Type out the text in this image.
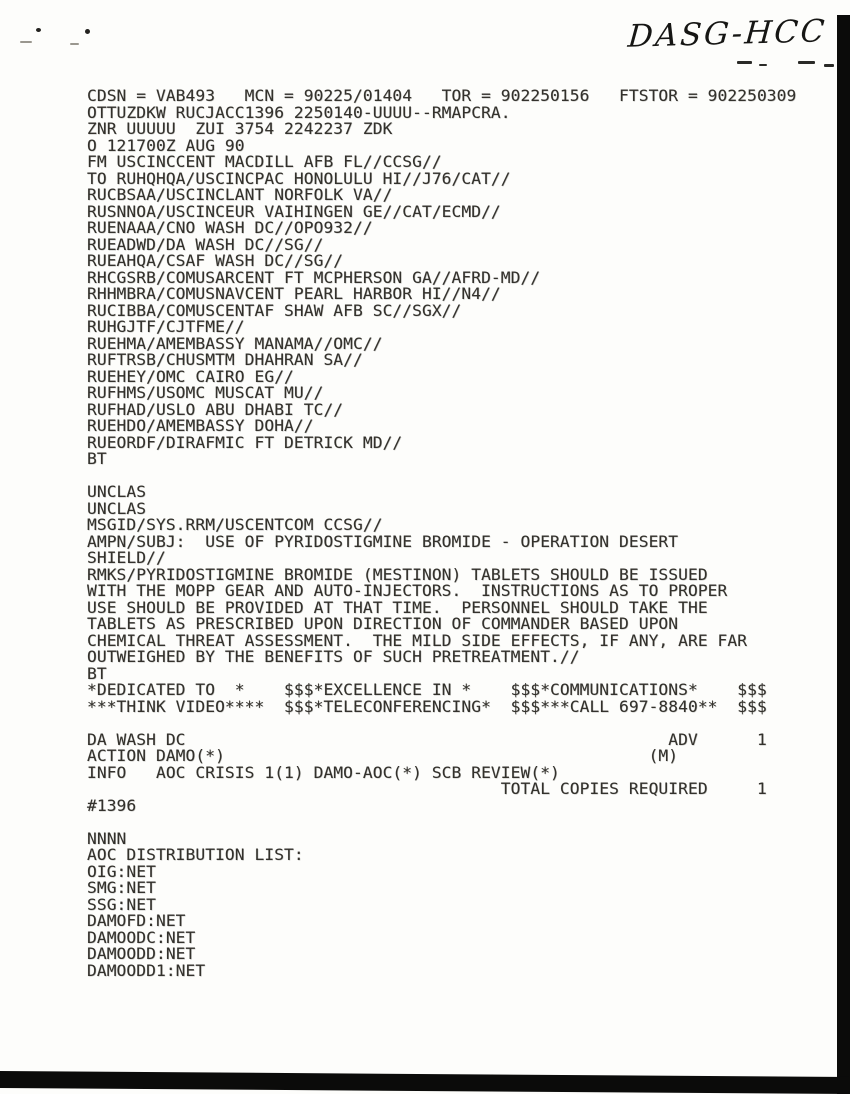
DASG-HCC
CDSN = VAB493   MCN = 90225/01404   TOR = 902250156   FTSTOR = 902250309
OTTUZDKW RUCJACC1396 2250140-UUUU--RMAPCRA.
ZNR UUUUU  ZUI 3754 2242237 ZDK
O 121700Z AUG 90
FM USCINCCENT MACDILL AFB FL//CCSG//
TO RUHQHQA/USCINCPAC HONOLULU HI//J76/CAT//
RUCBSAA/USCINCLANT NORFOLK VA//
RUSNNOA/USCINCEUR VAIHINGEN GE//CAT/ECMD//
RUENAAA/CNO WASH DC//OPO932//
RUEADWD/DA WASH DC//SG//
RUEAHQA/CSAF WASH DC//SG//
RHCGSRB/COMUSARCENT FT MCPHERSON GA//AFRD-MD//
RHHMBRA/COMUSNAVCENT PEARL HARBOR HI//N4//
RUCIBBA/COMUSCENTAF SHAW AFB SC//SGX//
RUHGJTF/CJTFME//
RUEHMA/AMEMBASSY MANAMA//OMC//
RUFTRSB/CHUSMTM DHAHRAN SA//
RUEHEY/OMC CAIRO EG//
RUFHMS/USOMC MUSCAT MU//
RUFHAD/USLO ABU DHABI TC//
RUEHDO/AMEMBASSY DOHA//
RUEORDF/DIRAFMIC FT DETRICK MD//
BT
UNCLAS
UNCLAS
MSGID/SYS.RRM/USCENTCOM CCSG//
AMPN/SUBJ:  USE OF PYRIDOSTIGMINE BROMIDE - OPERATION DESERT
SHIELD//
RMKS/PYRIDOSTIGMINE BROMIDE (MESTINON) TABLETS SHOULD BE ISSUED
WITH THE MOPP GEAR AND AUTO-INJECTORS.  INSTRUCTIONS AS TO PROPER
USE SHOULD BE PROVIDED AT THAT TIME.  PERSONNEL SHOULD TAKE THE
TABLETS AS PRESCRIBED UPON DIRECTION OF COMMANDER BASED UPON
CHEMICAL THREAT ASSESSMENT.  THE MILD SIDE EFFECTS, IF ANY, ARE FAR
OUTWEIGHED BY THE BENEFITS OF SUCH PRETREATMENT.//
BT
*DEDICATED TO  *    $$$*EXCELLENCE IN *    $$$*COMMUNICATIONS*    $$$
***THINK VIDEO****  $$$*TELECONFERENCING*  $$$***CALL 697-8840**  $$$
DA WASH DC                                                 ADV      1
ACTION DAMO(*)                                           (M)
INFO   AOC CRISIS 1(1) DAMO-AOC(*) SCB REVIEW(*)
TOTAL COPIES REQUIRED     1
#1396
NNNN
AOC DISTRIBUTION LIST:
OIG:NET
SMG:NET
SSG:NET
DAMOFD:NET
DAMOODC:NET
DAMOODD:NET
DAMOODD1:NET
